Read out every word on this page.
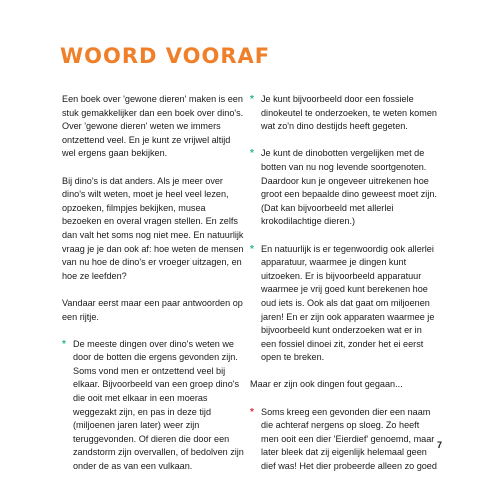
WOORD VOORAF

Een boek over 'gewone dieren' maken is een stuk gemakkelijker dan een boek over dino's. Over 'gewone dieren' weten we immers ontzettend veel. En je kunt ze vrijwel altijd wel ergens gaan bekijken.

Bij dino's is dat anders. Als je meer over dino's wilt weten, moet je heel veel lezen, opzoeken, filmpjes bekijken, musea bezoeken en overal vragen stellen. En zelfs dan valt het soms nog niet mee. En natuurlijk vraag je je dan ook af: hoe weten de mensen van nu hoe de dino's er vroeger uitzagen, en hoe ze leefden?

Vandaar eerst maar een paar antwoorden op een rijtje.

* De meeste dingen over dino's weten we door de botten die ergens gevonden zijn. Soms vond men er ontzettend veel bij elkaar. Bijvoorbeeld van een groep dino's die ooit met elkaar in een moeras weggezakt zijn, en pas in deze tijd (miljoenen jaren later) weer zijn teruggevonden. Of dieren die door een zandstorm zijn overvallen, of bedolven zijn onder de as van een vulkaan.
* Je kunt bijvoorbeeld door een fossiele dinokeutel te onderzoeken, te weten komen wat zo'n dino destijds heeft gegeten.
* Je kunt de dinobotten vergelijken met de botten van nu nog levende soortgenoten. Daardoor kun je ongeveer uitrekenen hoe groot een bepaalde dino geweest moet zijn. (Dat kan bijvoorbeeld met allerlei krokodilachtige dieren.)
* En natuurlijk is er tegenwoordig ook allerlei apparatuur, waarmee je dingen kunt uitzoeken. Er is bijvoorbeeld apparatuur waarmee je vrij goed kunt berekenen hoe oud iets is. Ook als dat gaat om miljoenen jaren! En er zijn ook apparaten waarmee je bijvoorbeeld kunt onderzoeken wat er in een fossiel dinoei zit, zonder het ei eerst open te breken.

Maar er zijn ook dingen fout gegaan...

* Soms kreeg een gevonden dier een naam die achteraf nergens op sloeg. Zo heeft men ooit een dier 'Eierdief' genoemd, maar later bleek dat zij eigenlijk helemaal geen dief was! Het dier probeerde alleen zo goed
7
